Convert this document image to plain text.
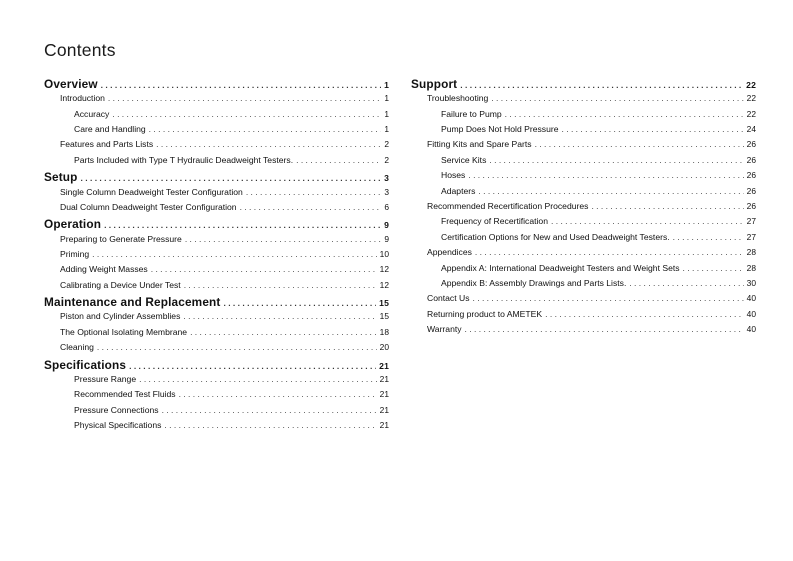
Contents
Overview . . .	1
Introduction . . .	1
Accuracy . . .	1
Care and Handling . . .	1
Features and Parts Lists . . .	2
Parts Included with Type T Hydraulic Deadweight Testers. . . .	2
Setup . . .	3
Single Column Deadweight Tester Configuration . . .	3
Dual Column Deadweight Tester Configuration . . .	6
Operation . . .	9
Preparing to Generate Pressure . . .	9
Priming . . .	10
Adding Weight Masses . . .	12
Calibrating a Device Under Test . . .	12
Maintenance and Replacement . . .	15
Piston and Cylinder Assemblies . . .	15
The Optional Isolating Membrane . . .	18
Cleaning . . .	20
Specifications . . .	21
Pressure Range . . .	21
Recommended Test Fluids . . .	21
Pressure Connections . . .	21
Physical Specifications . . .	21
Support . . .	22
Troubleshooting . . .	22
Failure to Pump . . .	22
Pump Does Not Hold Pressure . . .	24
Fitting Kits and Spare Parts . . .	26
Service Kits . . .	26
Hoses . . .	26
Adapters . . .	26
Recommended Recertification Procedures . . .	26
Frequency of Recertification . . .	27
Certification Options for New and Used Deadweight Testers. . . .	27
Appendices . . .	28
Appendix A: International Deadweight Testers and Weight Sets . . .	28
Appendix B: Assembly Drawings and Parts Lists. . . .	30
Contact Us . . .	40
Returning product to AMETEK . . .	40
Warranty . . .	40
